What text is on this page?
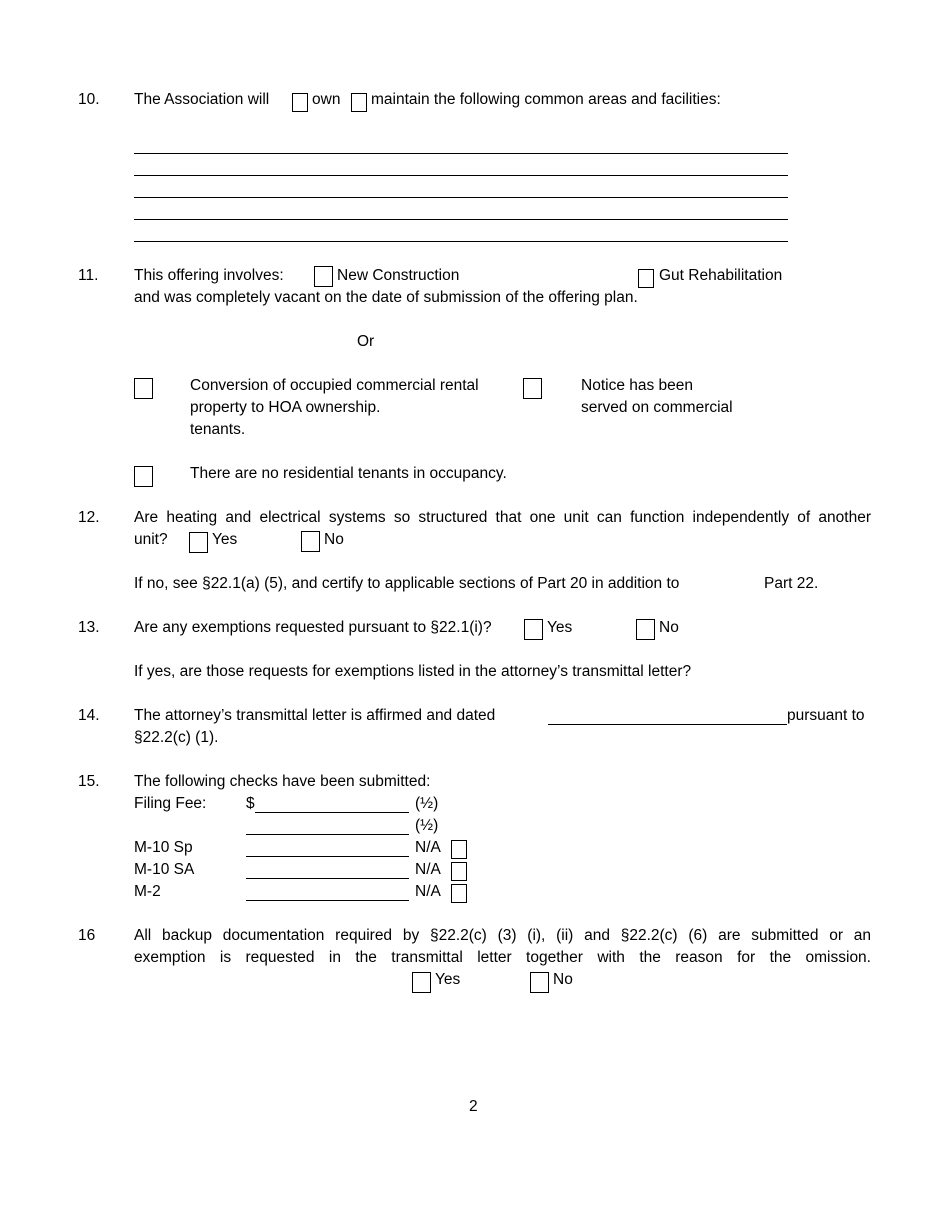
10. The Association will	own maintain the following common areas and facilities:
11. This offering involves:	New Construction	Gut Rehabilitation
and was completely vacant on the date of submission of the offering plan.
Or
Conversion of occupied commercial rental
property to HOA ownership.
tenants.
Notice has been
served on commercial
There are no residential tenants in occupancy.
12. Are heating and electrical systems so structured that one unit can function independently of another
unit?	Yes	No
If no, see §22.1(a) (5), and certify to applicable sections of Part 20 in addition to	Part 22.
13. Are any exemptions requested pursuant to §22.1(i)?	Yes	No
If yes, are those requests for exemptions listed in the attorney’s transmittal letter?
14. The attorney’s transmittal letter is affirmed and dated	pursuant to
§22.2(c) (1).
15. The following checks have been submitted:
Filing Fee:	$	(½)
(½)
M-10 Sp	N/A
M-10 SA	N/A
M-2	N/A
16	All backup documentation required by §22.2(c) (3) (i), (ii) and §22.2(c) (6) are submitted or an
exemption is requested in the transmittal letter together with the reason for the omission.
Yes	No
2
